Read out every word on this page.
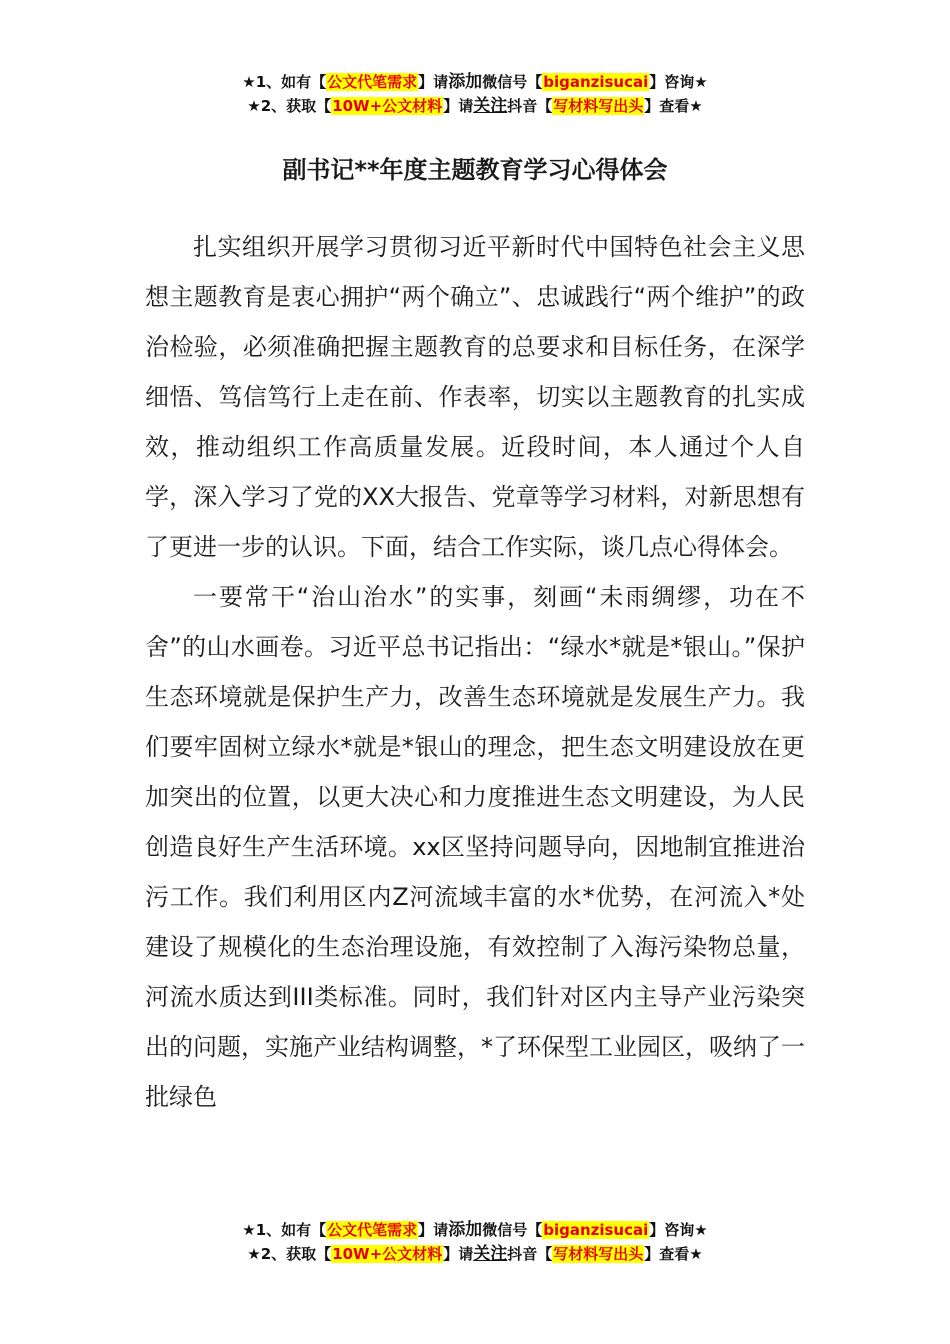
★1、如有【公文代笔需求】请添加微信号【biganzisucai】咨询★
★2、获取【10W+公文材料】请关注抖音【写材料写出头】查看★
副书记**年度主题教育学习心得体会

扎实组织开展学习贯彻习近平新时代中国特色社会主义思想主题教育是衷心拥护“两个确立”、忠诚践行“两个维护”的政治检验，必须准确把握主题教育的总要求和目标任务，在深学细悟、笃信笃行上走在前、作表率，切实以主题教育的扎实成效，推动组织工作高质量发展。近段时间，本人通过个人自学，深入学习了党的XX大报告、党章等学习材料，对新思想有了更进一步的认识。下面，结合工作实际，谈几点心得体会。

一要常干“治山治水”的实事，刻画“未雨绸缪，功在不舍”的山水画卷。习近平总书记指出：“绿水*就是*银山。”保护生态环境就是保护生产力，改善生态环境就是发展生产力。我们要牢固树立绿水*就是*银山的理念，把生态文明建设放在更加突出的位置，以更大决心和力度推进生态文明建设，为人民创造良好生产生活环境。xx区坚持问题导向，因地制宜推进治污工作。我们利用区内Z河流域丰富的水*优势，在河流入*处建设了规模化的生态治理设施，有效控制了入海污染物总量，河流水质达到III类标准。同时，我们针对区内主导产业污染突出的问题，实施产业结构调整，*了环保型工业园区，吸纳了一批绿色

★1、如有【公文代笔需求】请添加微信号【biganzisucai】咨询★
★2、获取【10W+公文材料】请关注抖音【写材料写出头】查看★
